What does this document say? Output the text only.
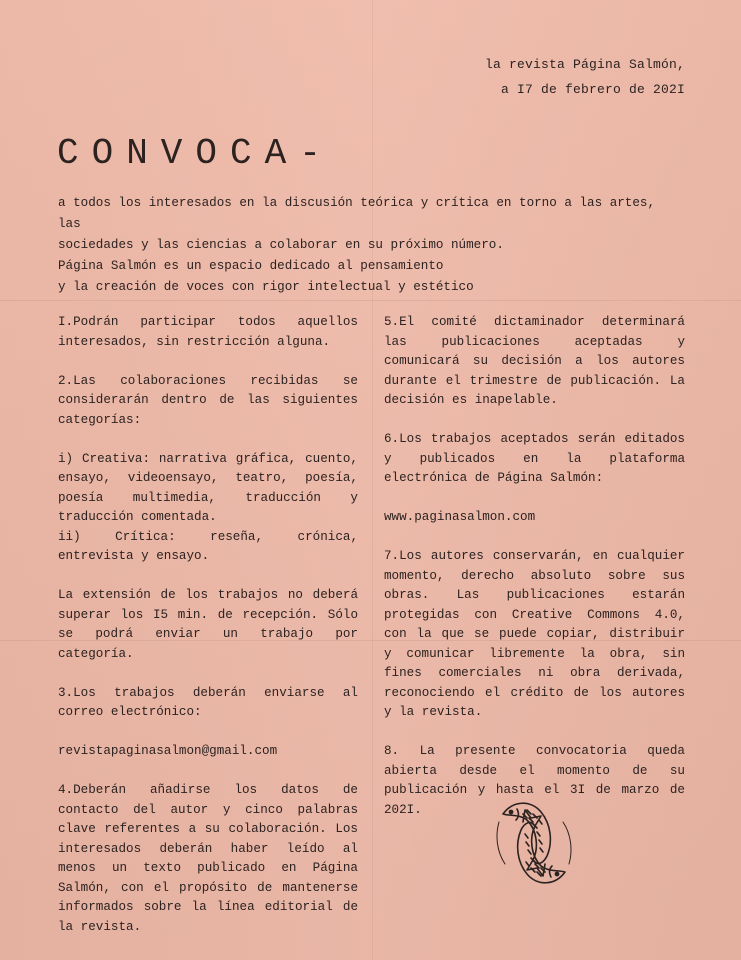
la revista Página Salmón,
a I7 de febrero de 202I
CONVOCA-

a todos los interesados en la discusión teórica y crítica en torno a las artes, las

sociedades y las ciencias a colaborar en su próximo número.

Página Salmón es un espacio dedicado al pensamiento

y la creación de voces con rigor intelectual y estético

I.Podrán participar todos aquellos interesados, sin restricción alguna.

2.Las colaboraciones recibidas se considerarán dentro de las siguientes categorías:

i) Creativa: narrativa gráfica, cuento, ensayo, videoensayo, teatro, poesía, poesía multimedia, traducción y traducción comentada.

ii) Crítica: reseña, crónica, entrevista y ensayo.

La extensión de los trabajos no deberá superar los I5 min. de recepción. Sólo se podrá enviar un trabajo por categoría.

3.Los trabajos deberán enviarse al correo electrónico:

revistapaginasalmon@gmail.com

4.Deberán añadirse los datos de contacto del autor y cinco palabras clave referentes a su colaboración. Los interesados deberán haber leído al menos un texto publicado en Página Salmón, con el propósito de mantenerse informados sobre la línea editorial de la revista.

5.El comité dictaminador determinará las publicaciones aceptadas y comunicará su decisión a los autores durante el trimestre de publicación. La decisión es inapelable.

6.Los trabajos aceptados serán editados y publicados en la plataforma electrónica de Página Salmón:

www.paginasalmon.com

7.Los autores conservarán, en cualquier momento, derecho absoluto sobre sus obras. Las publicaciones estarán protegidas con Creative Commons 4.0, con la que se puede copiar, distribuir y comunicar libremente la obra, sin fines comerciales ni obra derivada, reconociendo el crédito de los autores y la revista.

8. La presente convocatoria queda abierta desde el momento de su publicación y hasta el 3I de marzo de 202I.
